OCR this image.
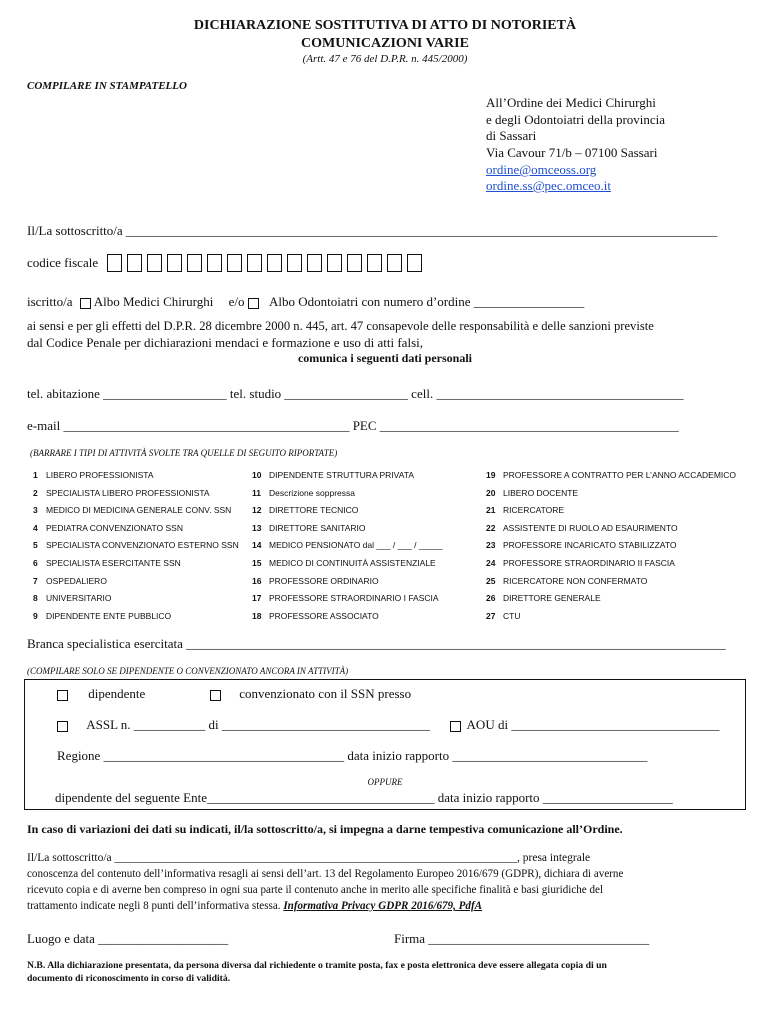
DICHIARAZIONE SOSTITUTIVA DI ATTO DI NOTORIETÀ
COMUNICAZIONI VARIE
(Artt. 47 e 76 del D.P.R. n. 445/2000)
COMPILARE IN STAMPATELLO
All’Ordine dei Medici Chirurghi
e degli Odontoiatri della provincia
di Sassari
Via Cavour 71/b – 07100 Sassari
ordine@omceoss.org
ordine.ss@pec.omceo.it
Il/La sottoscritto/a ___________________________________________________________________________________________
codice fiscale
iscritto/a Albo Medici Chirurghi e/o Albo Odontoiatri con numero d’ordine _________________
ai sensi e per gli effetti del D.P.R. 28 dicembre 2000 n. 445, art. 47 consapevole delle responsabilità e delle sanzioni previste
dal Codice Penale per dichiarazioni mendaci e formazione e uso di atti falsi,
comunica i seguenti dati personali
tel. abitazione ___________________ tel. studio ___________________ cell. ______________________________________
e-mail ____________________________________________ PEC ______________________________________________
(BARRARE I TIPI DI ATTIVITÀ SVOLTE TRA QUELLE DI SEGUITO RIPORTATE)
1 LIBERO PROFESSIONISTA
2 SPECIALISTA LIBERO PROFESSIONISTA
3 MEDICO DI MEDICINA GENERALE CONV. SSN
4 PEDIATRA CONVENZIONATO SSN
5 SPECIALISTA CONVENZIONATO ESTERNO SSN
6 SPECIALISTA ESERCITANTE SSN
7 OSPEDALIERO
8 UNIVERSITARIO
9 DIPENDENTE ENTE PUBBLICO
10 DIPENDENTE STRUTTURA PRIVATA
11 Descrizione soppressa
12 DIRETTORE TECNICO
13 DIRETTORE SANITARIO
14 MEDICO PENSIONATO dal ___ / ___ / _____
15 MEDICO DI CONTINUITÀ ASSISTENZIALE
16 PROFESSORE ORDINARIO
17 PROFESSORE STRAORDINARIO I FASCIA
18 PROFESSORE ASSOCIATO
19 PROFESSORE A CONTRATTO PER L’ANNO ACCADEMICO
20 LIBERO DOCENTE
21 RICERCATORE
22 ASSISTENTE DI RUOLO AD ESAURIMENTO
23 PROFESSORE INCARICATO STABILIZZATO
24 PROFESSORE STRAORDINARIO II FASCIA
25 RICERCATORE NON CONFERMATO
26 DIRETTORE GENERALE
27 CTU
Branca specialistica esercitata ___________________________________________________________________________________
(COMPILARE SOLO SE DIPENDENTE O CONVENZIONATO ANCORA IN ATTIVITÀ)
dipendente	convenzionato con il SSN presso
ASSL n. ___________ di ________________________________	AOU di ________________________________
Regione _____________________________________ data inizio rapporto ______________________________
OPPURE
dipendente del seguente Ente___________________________________ data inizio rapporto ____________________
In caso di variazioni dei dati su indicati, il/la sottoscritto/a, si impegna a darne tempestiva comunicazione all’Ordine.
Il/La sottoscritto/a ______________________________________________________________________, presa integrale
conoscenza del contenuto dell’informativa resagli ai sensi dell’art. 13 del Regolamento Europeo 2016/679 (GDPR), dichiara di averne
ricevuto copia e di averne ben compreso in ogni sua parte il contenuto anche in merito alle specifiche finalità e basi giuridiche del
trattamento indicate negli 8 punti dell’informativa stessa. Informativa Privacy GDPR 2016/679, PdfA
Luogo e data ____________________	Firma __________________________________
N.B. Alla dichiarazione presentata, da persona diversa dal richiedente o tramite posta, fax e posta elettronica deve essere allegata copia di un
documento di riconoscimento in corso di validità.
